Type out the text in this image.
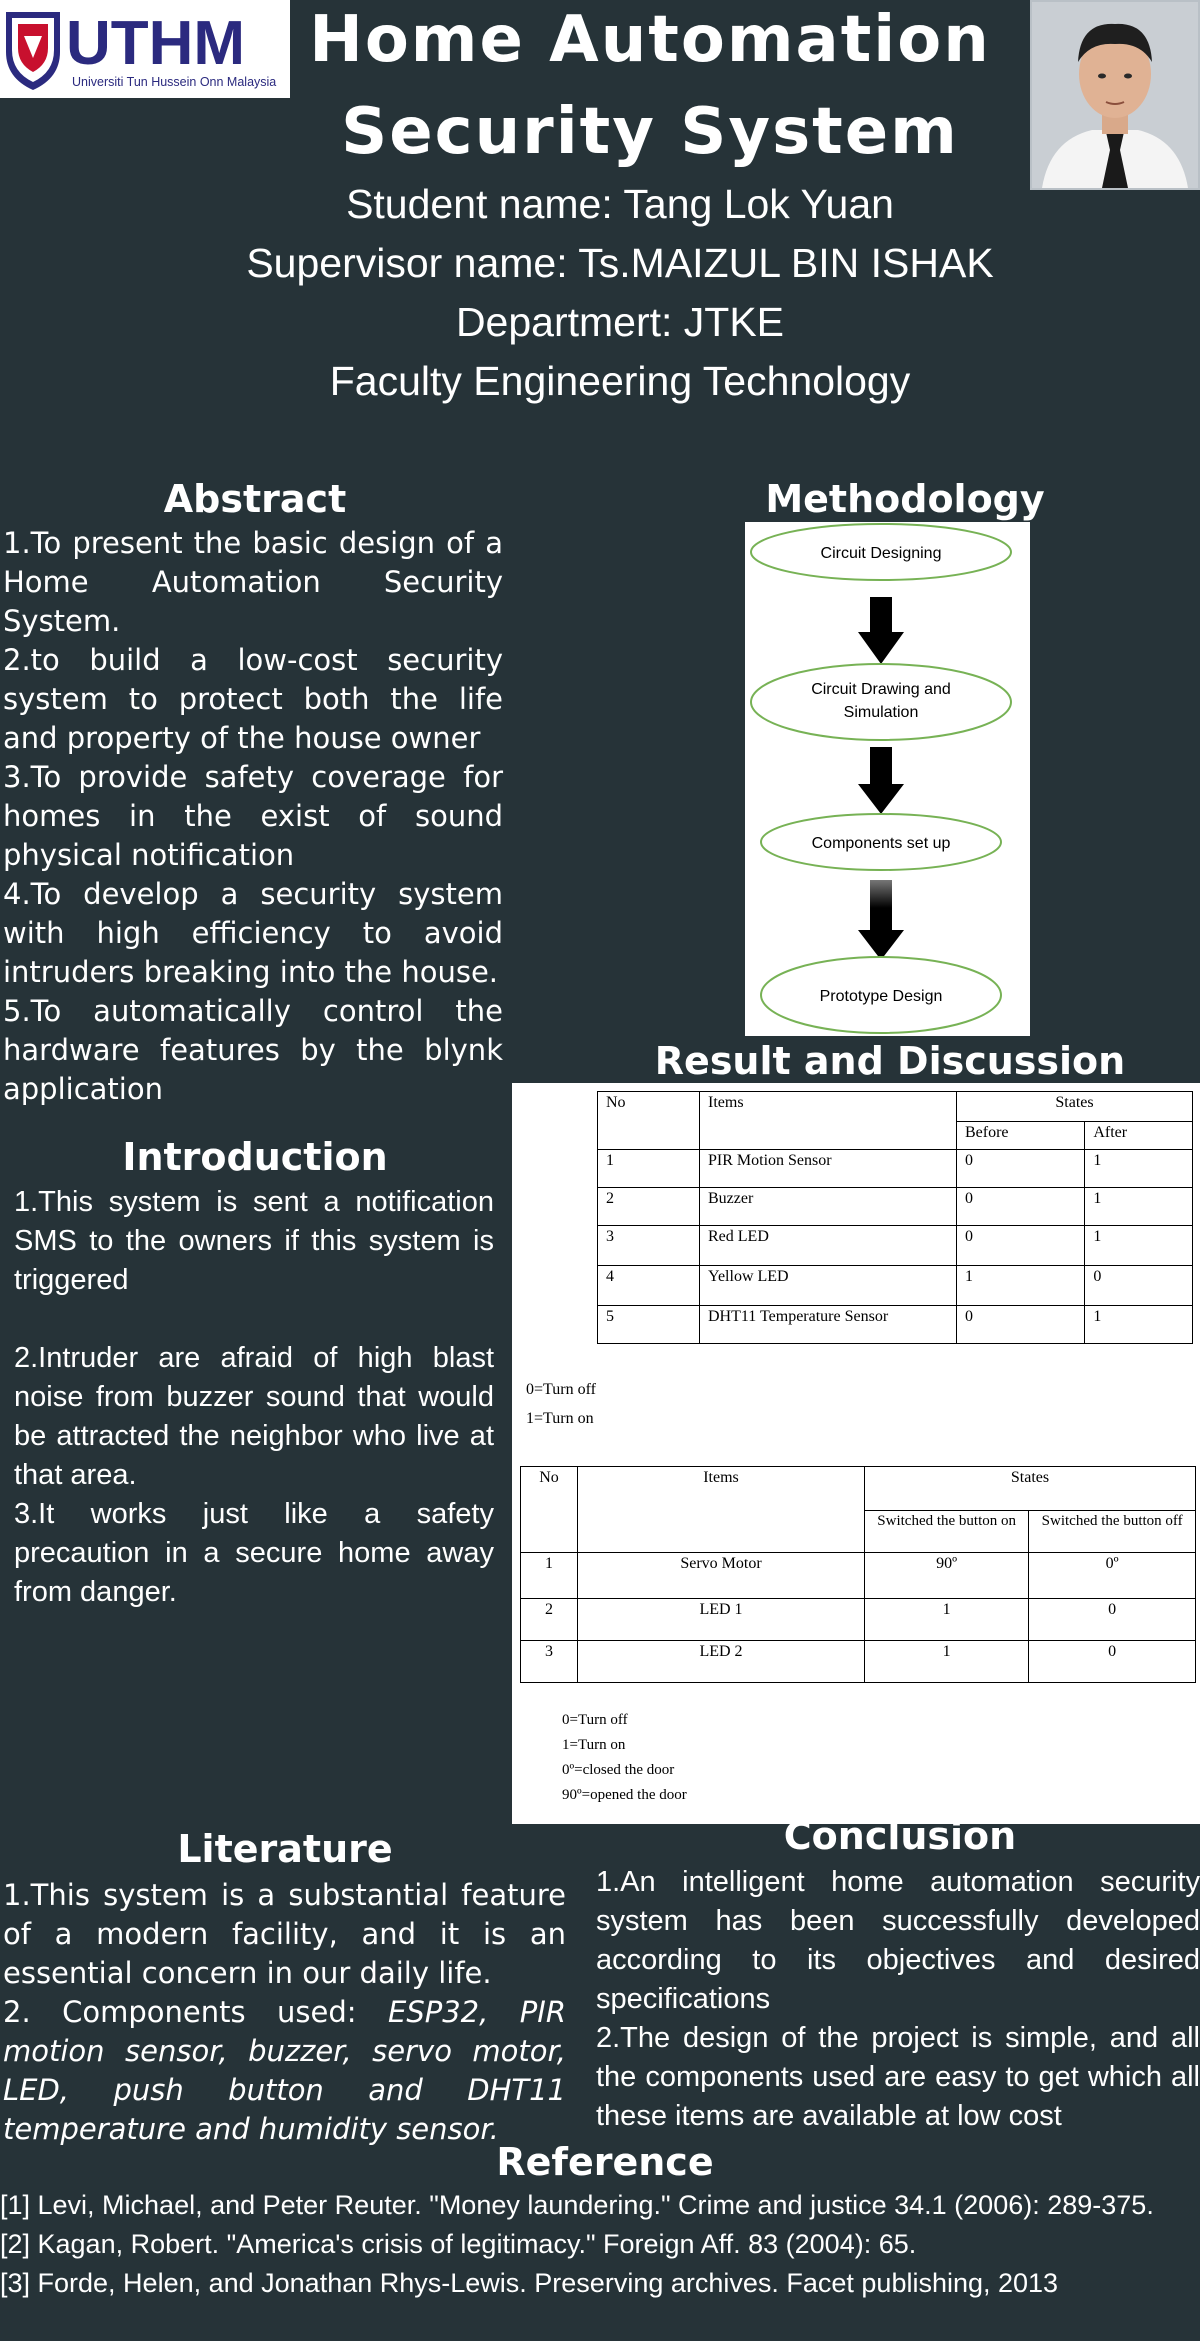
UTHM
Universiti Tun Hussein Onn Malaysia
Home Automation
Security System
Student name: Tang Lok Yuan
Supervisor name: Ts.MAIZUL BIN ISHAK
Departmert: JTKE
Faculty Engineering Technology
Abstract

1.To present the basic design of a Home Automation Security System.

2.to build a low-cost security system to protect both the life and property of the house owner

3.To provide safety coverage for homes in the exist of sound physical notification

4.To develop a security system with high efficiency to avoid intruders breaking into the house.

5.To automatically control the hardware features by the blynk application

Methodology
Circuit Designing
Circuit Drawing and
Simulation
Components set up
Prototype Design
Result and Discussion
No	Items	States	
		Before	After
1	PIR Motion Sensor	0	1
2	Buzzer	0	1
3	Red LED	0	1
4	Yellow LED	1	0
5	DHT11 Temperature Sensor	0	1
0=Turn off
1=Turn on
No	Items	States	
		Switched the button on	Switched the button off
1	Servo Motor	90º	0º
2	LED 1	1	0
3	LED 2	1	0
0=Turn off
1=Turn on
0º=closed the door
90º=opened the door
Introduction

1.This system is sent a notification SMS to the owners if this system is triggered

2.Intruder are afraid of high blast noise from buzzer sound that would be attracted the neighbor who live at that area.

3.It works just like a safety precaution in a secure home away from danger.

Literature

1.This system is a substantial feature of a modern facility, and it is an essential concern in our daily life.

2. Components used: ESP32, PIR motion sensor, buzzer, servo motor, LED, push button and DHT11 temperature and humidity sensor.

Conclusion

1.An intelligent home automation security system has been successfully developed according to its objectives and desired specifications

2.The design of the project is simple, and all the components used are easy to get which all these items are available at low cost

Reference

[1] Levi, Michael, and Peter Reuter. "Money laundering." Crime and justice 34.1 (2006): 289-375.

[2] Kagan, Robert. "America's crisis of legitimacy." Foreign Aff. 83 (2004): 65.

[3] Forde, Helen, and Jonathan Rhys-Lewis. Preserving archives. Facet publishing, 2013
